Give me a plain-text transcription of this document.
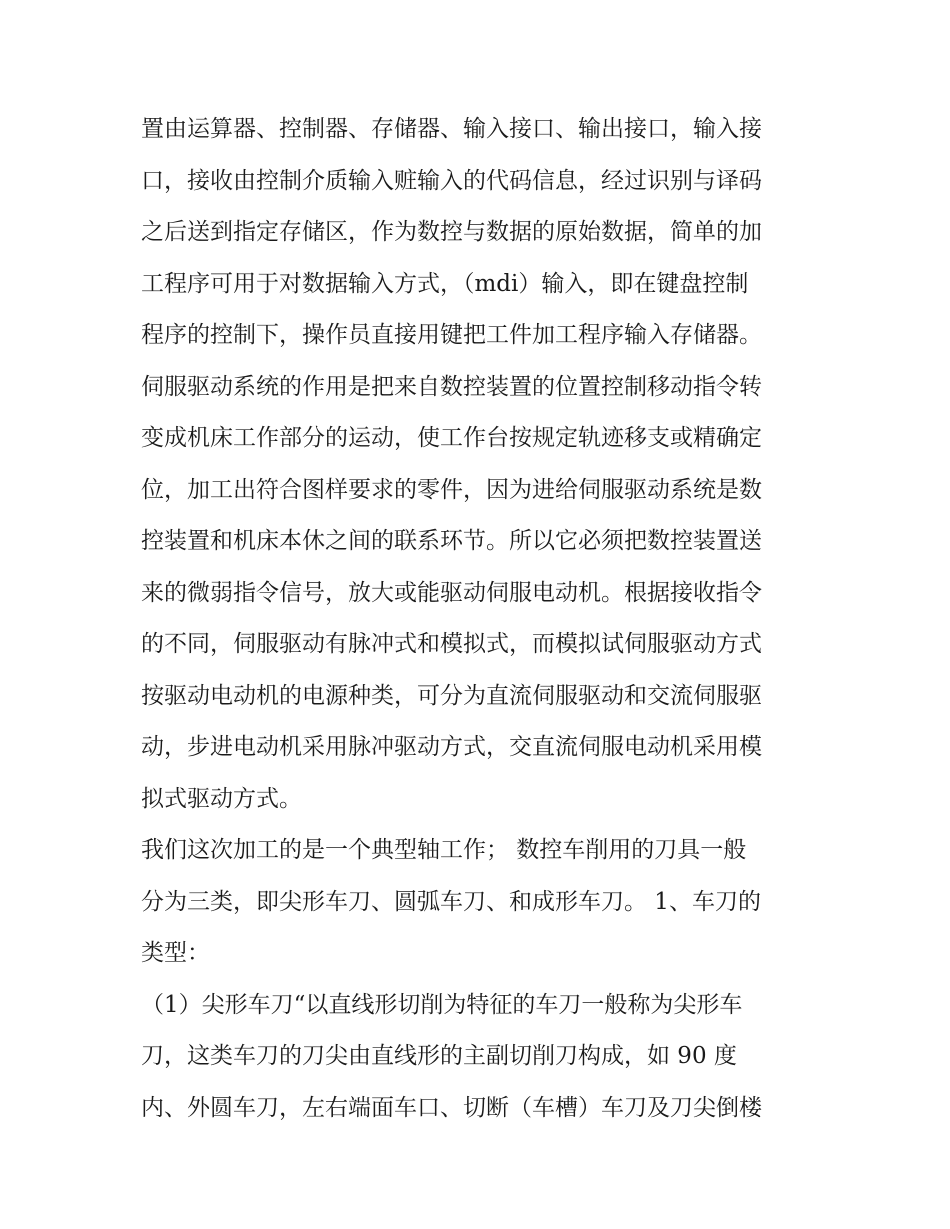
置由运算器、控制器、存储器、输入接口、输出接口，输入接
口，接收由控制介质输入赃输入的代码信息，经过识别与译码
之后送到指定存储区，作为数控与数据的原始数据，简单的加
工程序可用于对数据输入方式，（mdi）输入，即在键盘控制
程序的控制下，操作员直接用键把工件加工程序输入存储器。
伺服驱动系统的作用是把来自数控装置的位置控制移动指令转
变成机床工作部分的运动，使工作台按规定轨迹移支或精确定
位，加工出符合图样要求的零件，因为进给伺服驱动系统是数
控装置和机床本休之间的联系环节。所以它必须把数控装置送
来的微弱指令信号，放大或能驱动伺服电动机。根据接收指令
的不同，伺服驱动有脉冲式和模拟式，而模拟试伺服驱动方式
按驱动电动机的电源种类，可分为直流伺服驱动和交流伺服驱
动，步进电动机采用脉冲驱动方式，交直流伺服电动机采用模
拟式驱动方式。
我们这次加工的是一个典型轴工作； 数控车削用的刀具一般
分为三类，即尖形车刀、圆弧车刀、和成形车刀。 1、车刀的
类型：
（1）尖形车刀“以直线形切削为特征的车刀一般称为尖形车
刀，这类车刀的刀尖由直线形的主副切削刀构成，如 90 度
内、外圆车刀，左右端面车口、切断（车槽）车刀及刀尖倒楼
